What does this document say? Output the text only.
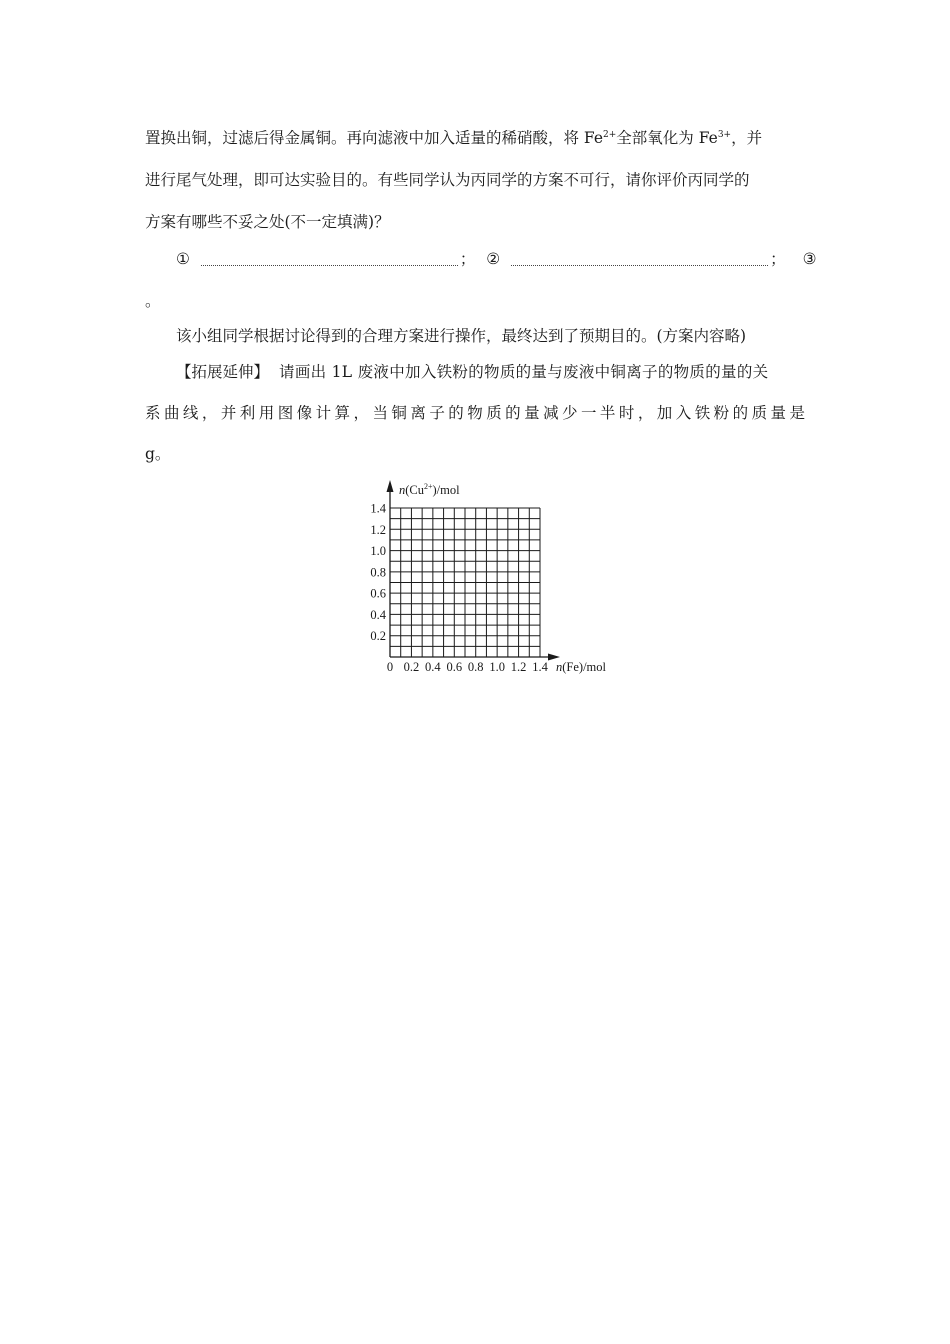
置换出铜，过滤后得金属铜。再向滤液中加入适量的稀硝酸，将 $Fe^{2+}$全部氧化为 $Fe^{3+}$，并
进行尾气处理，即可达实验目的。有些同学认为丙同学的方案不可行，请你评价丙同学的
方案有哪些不妥之处(不一定填满)？
①	； ②	； ③
。
该小组同学根据讨论得到的合理方案进行操作，最终达到了预期目的。(方案内容略)
【拓展延伸】 请画出 1L 废液中加入铁粉的物质的量与废液中铜离子的物质的量的关
系曲线，并利用图像计算，当铜离子的物质的量减少一半时，加入铁粉的质量是
g。
1.4
1.2
1.0
0.8
0.6
0.4
0.2
0.2 0.4 0.6 0.8 1.0 1.2 1.4
0
$n(Cu^{2+})$/mol
n(Fe)/mol
